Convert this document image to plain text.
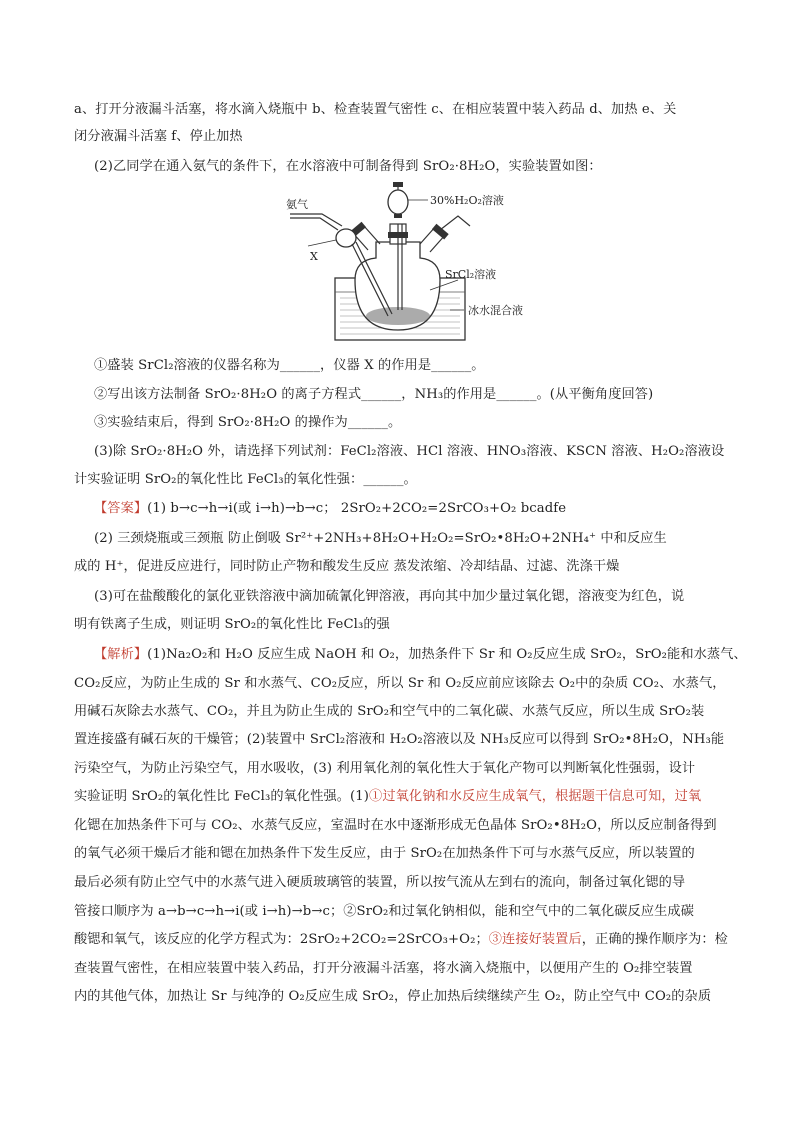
a、打开分液漏斗活塞，将水滴入烧瓶中 b、检查装置气密性 c、在相应装置中装入药品 d、加热 e、关
闭分液漏斗活塞 f、停止加热
(2)乙同学在通入氨气的条件下，在水溶液中可制备得到 SrO₂·8H₂O，实验装置如图：
①盛装 SrCl₂溶液的仪器名称为______，仪器 X 的作用是______。
②写出该方法制备 SrO₂·8H₂O 的离子方程式______，NH₃的作用是______。(从平衡角度回答)
③实验结束后，得到 SrO₂·8H₂O 的操作为______。
(3)除 SrO₂·8H₂O 外，请选择下列试剂：FeCl₂溶液、HCl 溶液、HNO₃溶液、KSCN 溶液、H₂O₂溶液设
计实验证明 SrO₂的氧化性比 FeCl₃的氧化性强：______。
【答案】(1) b→c→h→i(或 i→h)→b→c； 2SrO₂+2CO₂=2SrCO₃+O₂ bcadfe
(2) 三颈烧瓶或三颈瓶 防止倒吸 Sr²⁺+2NH₃+8H₂O+H₂O₂=SrO₂•8H₂O+2NH₄⁺ 中和反应生
成的 H⁺，促进反应进行，同时防止产物和酸发生反应 蒸发浓缩、冷却结晶、过滤、洗涤干燥
(3)可在盐酸酸化的氯化亚铁溶液中滴加硫氰化钾溶液，再向其中加少量过氧化锶，溶液变为红色，说
明有铁离子生成，则证明 SrO₂的氧化性比 FeCl₃的强
【解析】(1)Na₂O₂和 H₂O 反应生成 NaOH 和 O₂，加热条件下 Sr 和 O₂反应生成 SrO₂，SrO₂能和水蒸气、
CO₂反应，为防止生成的 Sr 和水蒸气、CO₂反应，所以 Sr 和 O₂反应前应该除去 O₂中的杂质 CO₂、水蒸气，
用碱石灰除去水蒸气、CO₂，并且为防止生成的 SrO₂和空气中的二氧化碳、水蒸气反应，所以生成 SrO₂装
置连接盛有碱石灰的干燥管；(2)装置中 SrCl₂溶液和 H₂O₂溶液以及 NH₃反应可以得到 SrO₂•8H₂O，NH₃能
污染空气，为防止污染空气，用水吸收，(3) 利用氧化剂的氧化性大于氧化产物可以判断氧化性强弱，设计
实验证明 SrO₂的氧化性比 FeCl₃的氧化性强。(1)①过氧化钠和水反应生成氧气，根据题干信息可知，过氧
化锶在加热条件下可与 CO₂、水蒸气反应，室温时在水中逐渐形成无色晶体 SrO₂•8H₂O，所以反应制备得到
的氧气必须干燥后才能和锶在加热条件下发生反应，由于 SrO₂在加热条件下可与水蒸气反应，所以装置的
最后必须有防止空气中的水蒸气进入硬质玻璃管的装置，所以按气流从左到右的流向，制备过氧化锶的导
管接口顺序为 a→b→c→h→i(或 i→h)→b→c；②SrO₂和过氧化钠相似，能和空气中的二氧化碳反应生成碳
酸锶和氧气，该反应的化学方程式为：2SrO₂+2CO₂=2SrCO₃+O₂；③连接好装置后，正确的操作顺序为：检
查装置气密性，在相应装置中装入药品，打开分液漏斗活塞，将水滴入烧瓶中，以便用产生的 O₂排空装置
内的其他气体，加热让 Sr 与纯净的 O₂反应生成 SrO₂，停止加热后续继续产生 O₂，防止空气中 CO₂的杂质
氨气
X
30%H₂O₂溶液
SrCl₂溶液
冰水混合液
